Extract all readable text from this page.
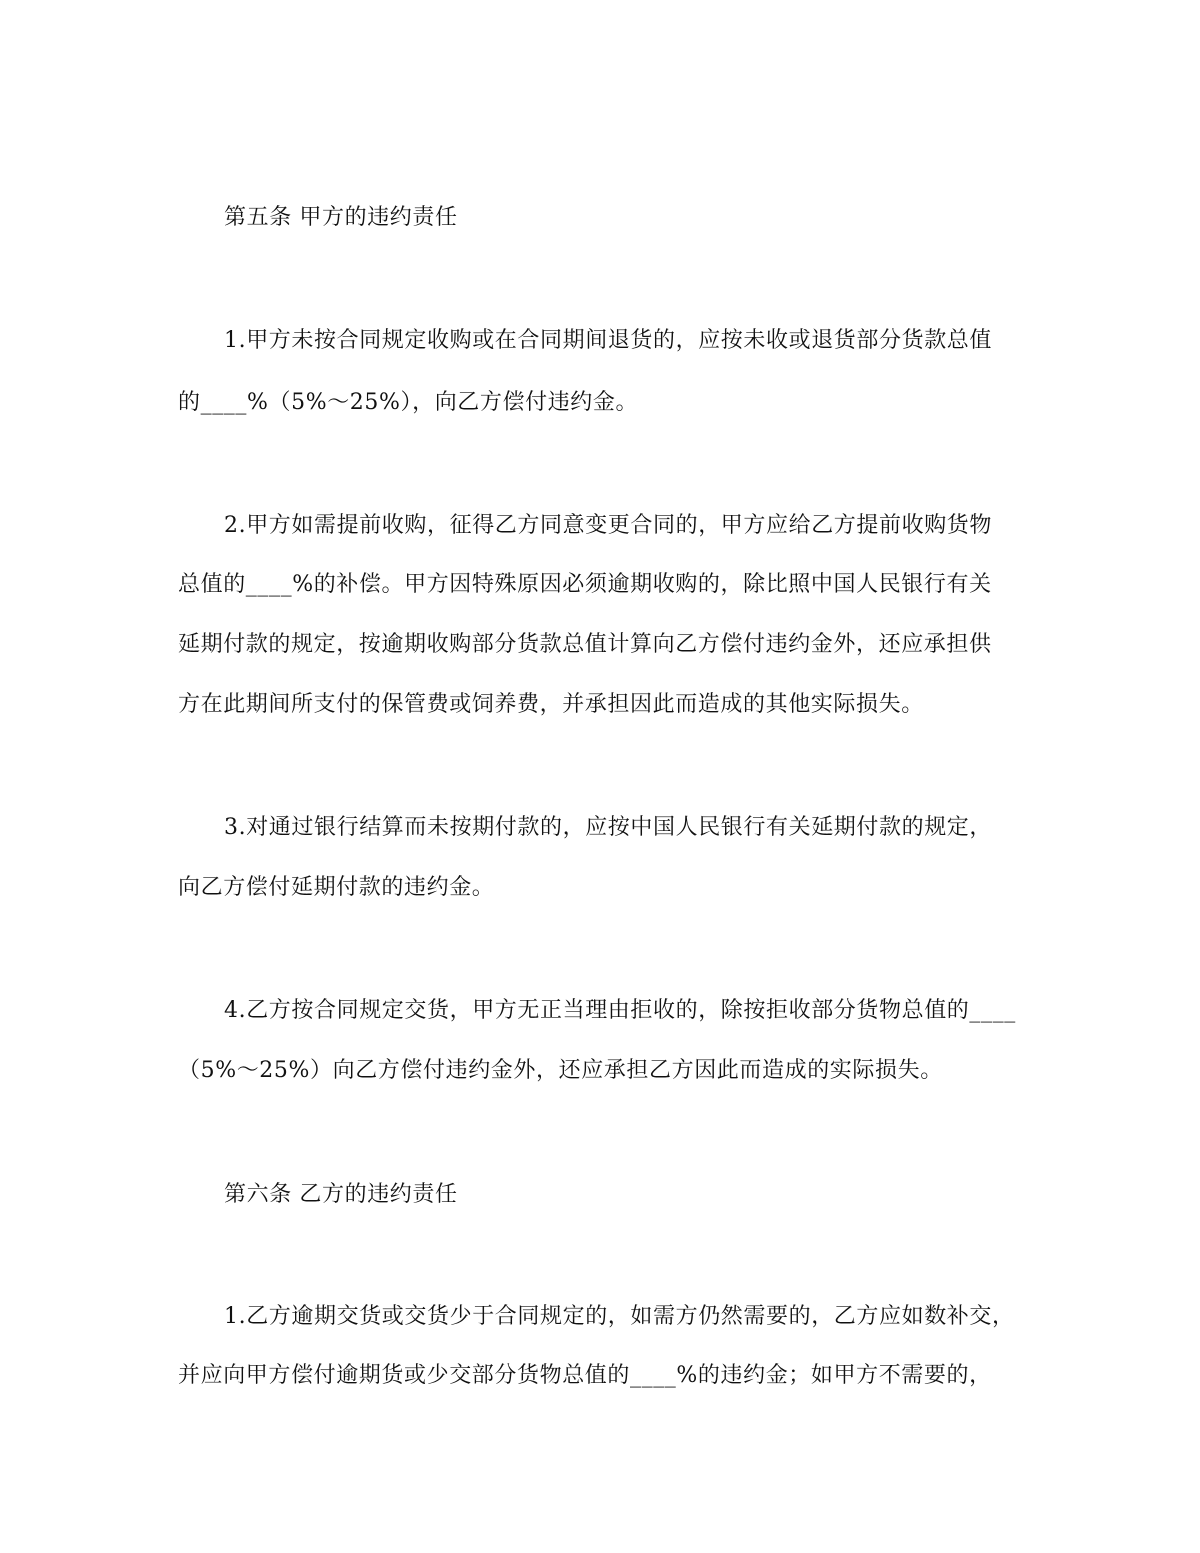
第五条 甲方的违约责任
1.甲方未按合同规定收购或在合同期间退货的，应按未收或退货部分货款总值
的____%（5%～25%），向乙方偿付违约金。
2.甲方如需提前收购，征得乙方同意变更合同的，甲方应给乙方提前收购货物
总值的____%的补偿。甲方因特殊原因必须逾期收购的，除比照中国人民银行有关
延期付款的规定，按逾期收购部分货款总值计算向乙方偿付违约金外，还应承担供
方在此期间所支付的保管费或饲养费，并承担因此而造成的其他实际损失。
3.对通过银行结算而未按期付款的，应按中国人民银行有关延期付款的规定，
向乙方偿付延期付款的违约金。
4.乙方按合同规定交货，甲方无正当理由拒收的，除按拒收部分货物总值的____
（5%～25%）向乙方偿付违约金外，还应承担乙方因此而造成的实际损失。
第六条 乙方的违约责任
1.乙方逾期交货或交货少于合同规定的，如需方仍然需要的，乙方应如数补交，
并应向甲方偿付逾期货或少交部分货物总值的____%的违约金；如甲方不需要的，
